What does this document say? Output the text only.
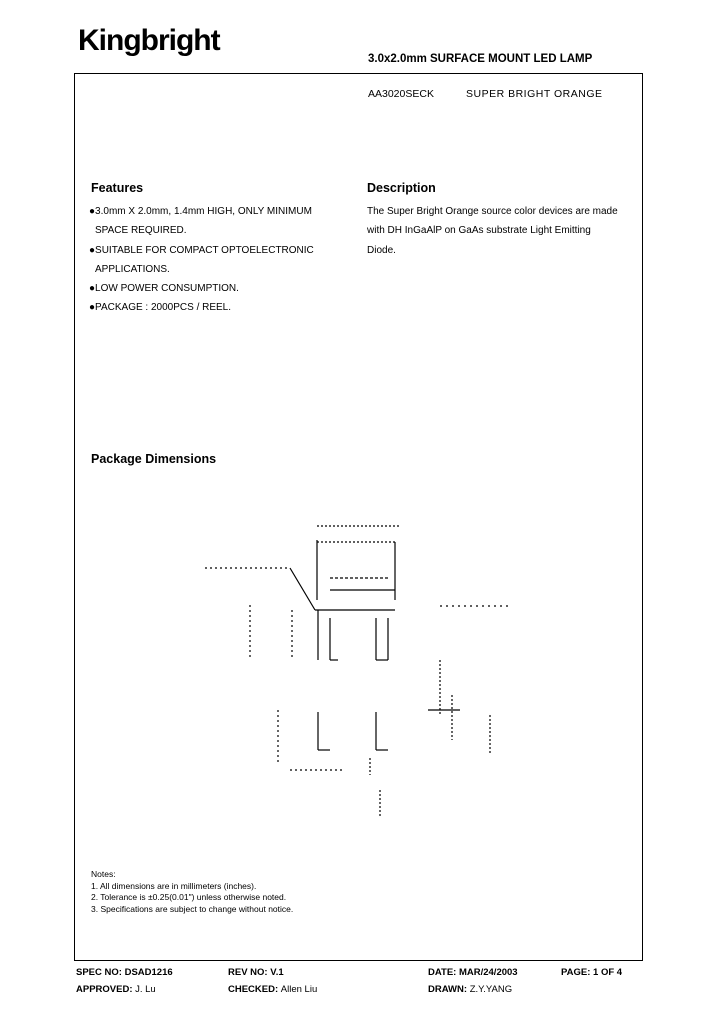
Kingbright
3.0x2.0mm SURFACE MOUNT LED LAMP
AA3020SECK	SUPER BRIGHT ORANGE
Features
●3.0mm X 2.0mm, 1.4mm HIGH, ONLY MINIMUM
SPACE REQUIRED.
●SUITABLE FOR COMPACT OPTOELECTRONIC
APPLICATIONS.
●LOW POWER CONSUMPTION.
●PACKAGE : 2000PCS / REEL.
Description
The Super Bright Orange source color devices are made with DH InGaAlP on GaAs substrate Light Emitting Diode.
Package Dimensions
Notes:
1. All dimensions are in millimeters (inches).
2. Tolerance is ±0.25(0.01") unless otherwise noted.
3. Specifications are subject to change without notice.
SPEC NO: DSAD1216	REV NO: V.1	DATE: MAR/24/2003	PAGE: 1 OF 4
APPROVED: J. Lu	CHECKED: Allen Liu	DRAWN: Z.Y.YANG
